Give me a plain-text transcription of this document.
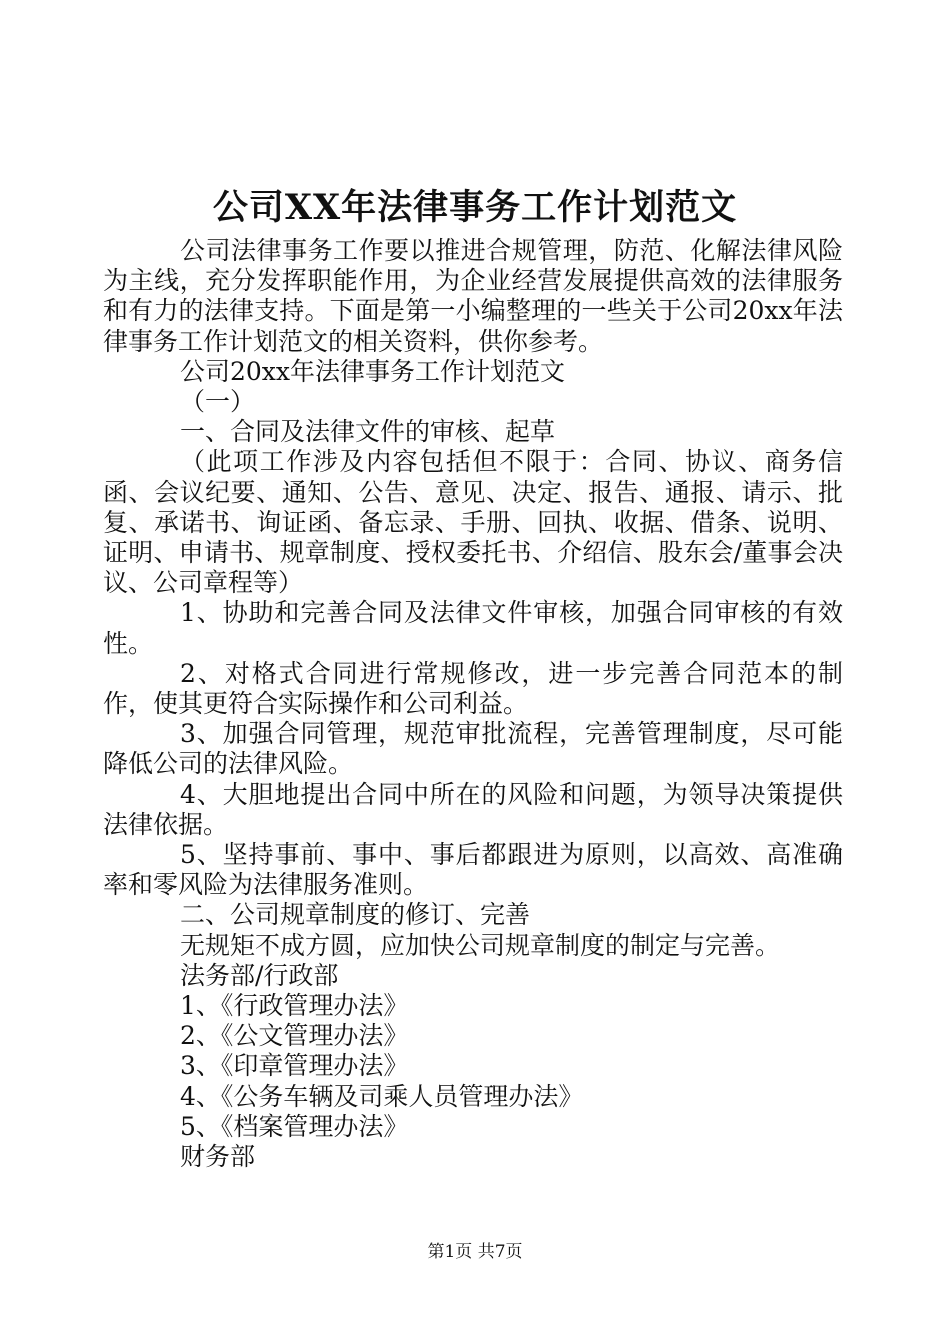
公司XX年法律事务工作计划范文

公司法律事务工作要以推进合规管理，防范、化解法律风险为主线，充分发挥职能作用，为企业经营发展提供高效的法律服务和有力的法律支持。下面是第一小编整理的一些关于公司20xx年法律事务工作计划范文的相关资料，供你参考。

公司20xx年法律事务工作计划范文

（一）

一、合同及法律文件的审核、起草

（此项工作涉及内容包括但不限于：合同、协议、商务信函、会议纪要、通知、公告、意见、决定、报告、通报、请示、批复、承诺书、询证函、备忘录、手册、回执、收据、借条、说明、证明、申请书、规章制度、授权委托书、介绍信、股东会/董事会决议、公司章程等）

1、协助和完善合同及法律文件审核，加强合同审核的有效性。

2、对格式合同进行常规修改，进一步完善合同范本的制作，使其更符合实际操作和公司利益。

3、加强合同管理，规范审批流程，完善管理制度，尽可能降低公司的法律风险。

4、大胆地提出合同中所在的风险和问题，为领导决策提供法律依据。

5、坚持事前、事中、事后都跟进为原则，以高效、高准确率和零风险为法律服务准则。

二、公司规章制度的修订、完善

无规矩不成方圆，应加快公司规章制度的制定与完善。

法务部/行政部

1、《行政管理办法》

2、《公文管理办法》

3、《印章管理办法》

4、《公务车辆及司乘人员管理办法》

5、《档案管理办法》

财务部

第1页 共7页
